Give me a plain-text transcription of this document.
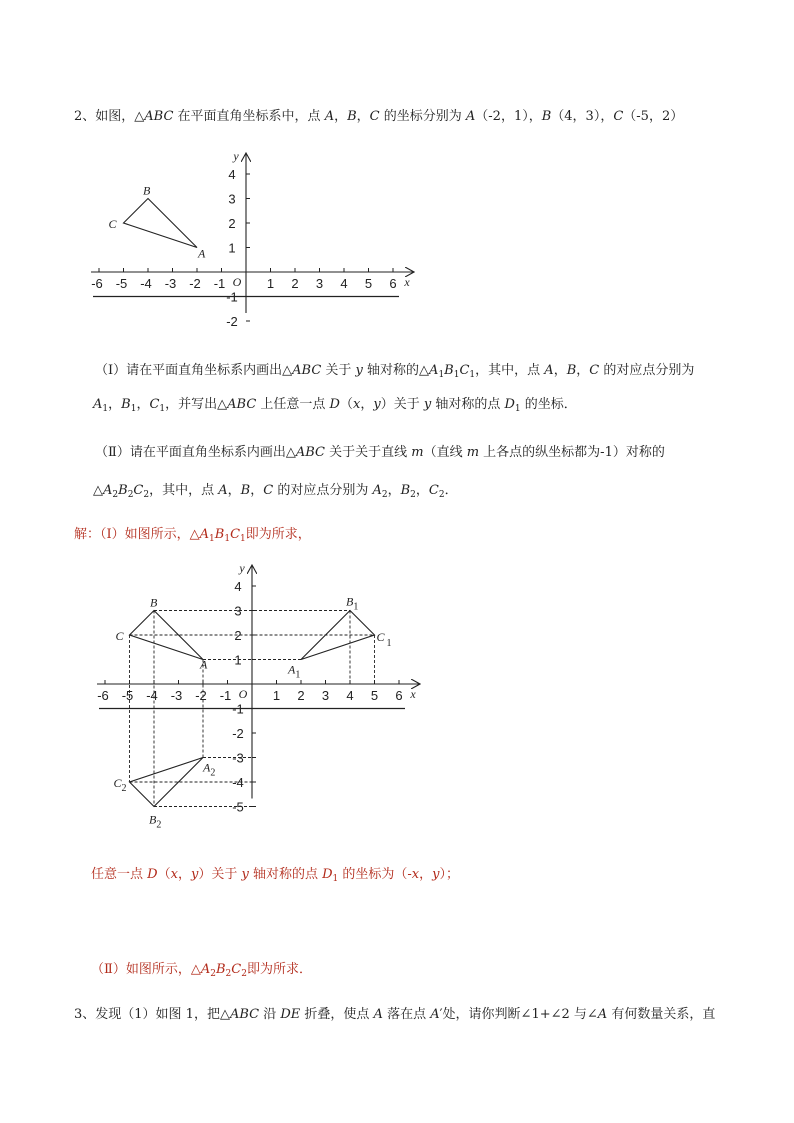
2、如图，△ABC 在平面直角坐标系中，点 A，B，C 的坐标分别为 A（-2，1），B（4，3），C（-5，2）
x
y
O
-6 -5 -4 -3 -2 -1	1 2 3 4 5 6
4
3
2
1
-1
-2
A
B
C
x
y
O
-6 -5 -4 -3 -2 -1	1 2 3 4 5 6
4
3
2
1
-1
-2
-3
-4
-5
B
C
A
$B_1$
C $_1$
$A_1$
$A_2$
$C_2$
$B_2$
（Ⅰ）请在平面直角坐标系内画出△ABC 关于 y 轴对称的$\triangle A_1B_1C_1$，其中，点 A，B，C 的对应点分别为
$A_1$，$B_1$，$C_1$，并写出△ABC 上任意一点 D（x，y）关于 y 轴对称的点 $D_1$ 的坐标．
（Ⅱ）请在平面直角坐标系内画出△ABC 关于关于直线 m（直线 m 上各点的纵坐标都为-1）对称的
$\triangle A_2B_2C_2$，其中，点 A，B，C 的对应点分别为 $A_2$，$B_2$，$C_2$．
解：（Ⅰ）如图所示，$\triangle A_1B_1C_1$即为所求，
任意一点 D（x，y）关于 y 轴对称的点 $D_1$ 的坐标为（-x，y）；
（Ⅱ）如图所示，$\triangle A_2B_2C_2$即为所求．
3、发现（1）如图 1，把△ABC 沿 DE 折叠，使点 A 落在点 A′处，请你判断∠1+∠2 与∠A 有何数量关系，直
